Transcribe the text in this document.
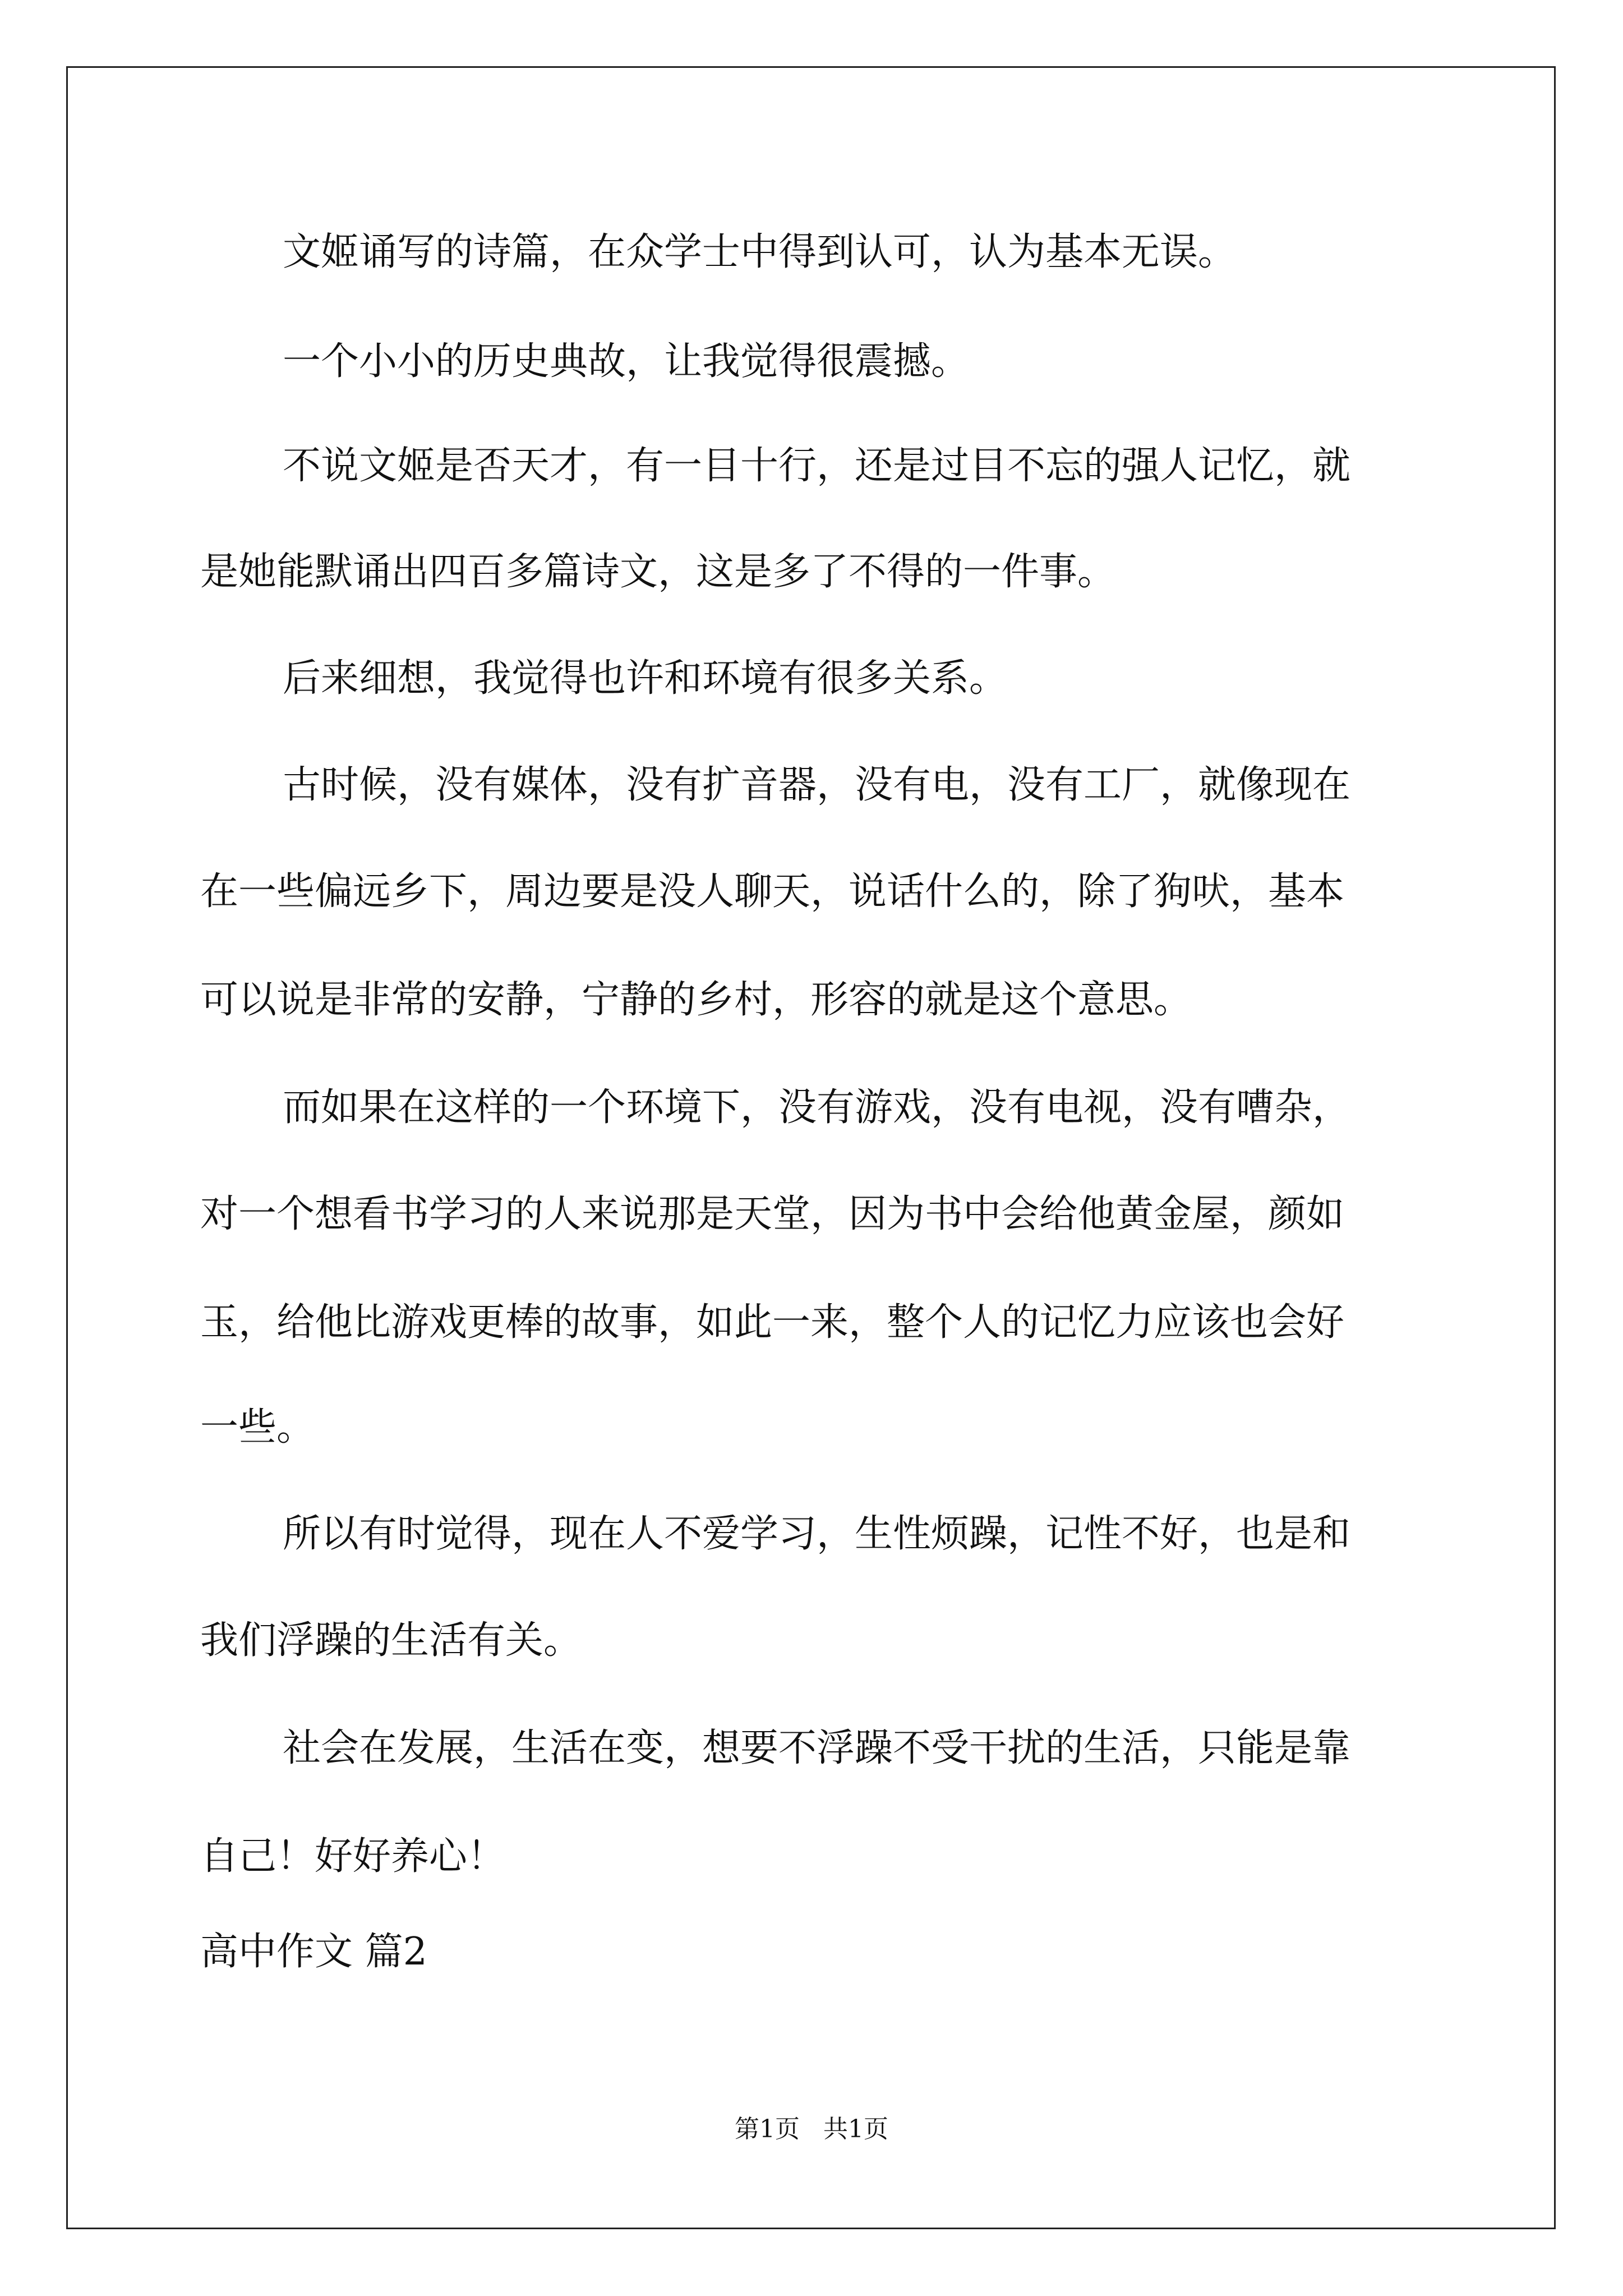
文姬诵写的诗篇，在众学士中得到认可，认为基本无误。
一个小小的历史典故，让我觉得很震撼。
不说文姬是否天才，有一目十行，还是过目不忘的强人记忆，就
是她能默诵出四百多篇诗文，这是多了不得的一件事。
后来细想，我觉得也许和环境有很多关系。
古时候，没有媒体，没有扩音器，没有电，没有工厂，就像现在
在一些偏远乡下，周边要是没人聊天，说话什么的，除了狗吠，基本
可以说是非常的安静，宁静的乡村，形容的就是这个意思。
而如果在这样的一个环境下，没有游戏，没有电视，没有嘈杂，
对一个想看书学习的人来说那是天堂，因为书中会给他黄金屋，颜如
玉，给他比游戏更棒的故事，如此一来，整个人的记忆力应该也会好
一些。
所以有时觉得，现在人不爱学习，生性烦躁，记性不好，也是和
我们浮躁的生活有关。
社会在发展，生活在变，想要不浮躁不受干扰的生活，只能是靠
自己！好好养心！
高中作文 篇2
第1页   共1页
